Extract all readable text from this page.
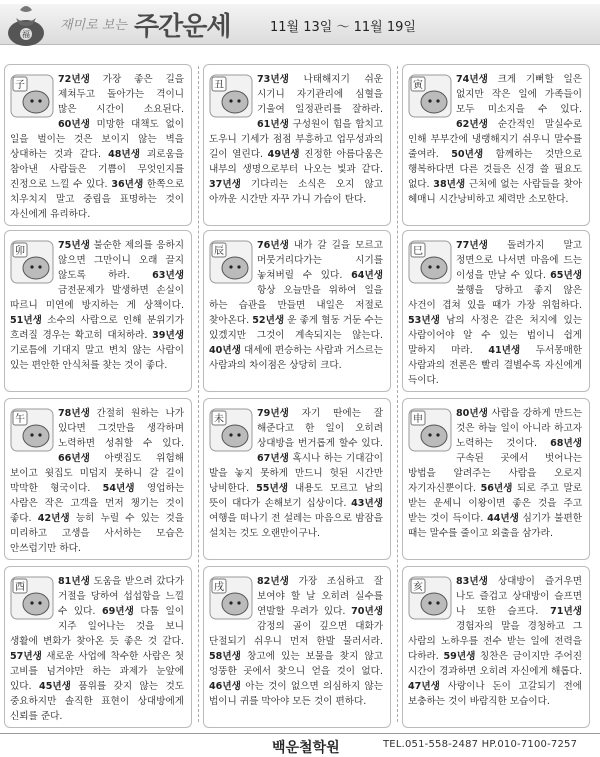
福
재미로 보는 주간운세	11월 13일 ～ 11월 19일
子
72년생 가장 좋은 길을 제쳐두고 돌아가는 격이니 많은 시간이 소요된다. 60년생 미망한 대책도 없이 일을 벌이는 것은 보이지 않는 벽을 상대하는 것과 같다. 48년생 괴로움을 참아낸 사람들은 기쁨이 무엇인지를 진정으로 느낄 수 있다. 36년생 한쪽으로 치우치지 말고 중립을 표명하는 것이 자신에게 유리하다.
丑
73년생 나태해지기 쉬운 시기니 자기관리에 심혈을 기울여 일정관리를 잘하라. 61년생 구성원이 힘을 합치고 도우니 기세가 점점 부흥하고 업무성과의 길이 열린다. 49년생 진정한 아름다움은 내부의 생명으로부터 나오는 빛과 같다. 37년생 기다리는 소식은 오지 않고 아까운 시간만 자꾸 가니 가슴이 탄다.
寅
74년생 크게 기뻐할 일은 없지만 작은 일에 가족들이 모두 미소지을 수 있다. 62년생 순간적인 말실수로 인해 부부간에 냉랭해지기 쉬우니 말수를 줄여라. 50년생 함께하는 것만으로 행복하다면 다른 것들은 신경 쓸 필요도 없다. 38년생 근처에 없는 사람들을 찾아 헤매니 시간낭비하고 체력만 소모한다.
卯
75년생 불순한 제의를 응하지 않으면 그만이니 오래 끌지 않도록 하라. 63년생 금전문제가 발생하면 손실이 따르니 미연에 방지하는 게 상책이다. 51년생 소수의 사람으로 인해 분위기가 흐려질 경우는 확고히 대처하라. 39년생 기로틈에 기대지 말고 변치 않는 사람이 있는 편안한 안식처를 찾는 것이 좋다.
辰
76년생 내가 갈 길을 모르고 머뭇거리다가는 시기를 놓쳐버릴 수 있다. 64년생 항상 오늘만을 위하여 일을 하는 습관을 만들면 내일은 저절로 찾아온다. 52년생 운 좋게 협동 거둔 수는 있겠지만 그것이 계속되지는 않는다. 40년생 대세에 편승하는 사람과 거스르는 사람과의 차이점은 상당히 크다.
巳
77년생 돌려가지 말고 정면으로 나서면 마음에 드는 이성을 만날 수 있다. 65년생 불행을 당하고 좋지 않은 사건이 겹쳐 있을 때가 가장 위험하다. 53년생 남의 사정은 같은 처지에 있는 사람이어야 알 수 있는 법이니 쉽게 말하지 마라. 41년생 두서몽매한 사람과의 전론은 빨리 결별수록 자신에게 득이다.
午
78년생 간절히 원하는 나가 있다면 그것만을 생각하며 노력하면 성취할 수 있다. 66년생 아랫집도 위험해 보이고 윗집도 미덥지 못하니 갈 길이 막막한 형국이다. 54년생 영업하는 사람은 작은 고객을 먼저 챙기는 것이 좋다. 42년생 능히 누릴 수 있는 것을 미리하고 고생을 사서하는 모습은 안쓰럽기만 하다.
未
79년생 자기 딴에는 잘 해준다고 한 일이 오히려 상대방을 번거롭게 할수 있다. 67년생 혹시나 하는 기대감이 발을 놓지 못하게 만드니 헛된 시간만 낭비한다. 55년생 내용도 모르고 남의 뜻이 대다가 손해보기 십상이다. 43년생 여행을 떠나기 전 설레는 마음으로 밤잠을 설치는 것도 오랜만이구나.
申
80년생 사람을 강하게 만드는 것은 하늘 일이 아니라 하고자 노력하는 것이다. 68년생 구속된 곳에서 벗어나는 방법을 알려주는 사람을 오로지 자기자신뿐이다. 56년생 되로 주고 말로 받는 운세니 이왕이면 좋은 것을 주고 받는 것이 득이다. 44년생 심기가 불편한 때는 말수를 줄이고 외출을 삼가라.
酉
81년생 도움을 받으려 갔다가 거절을 당하여 섭섭함을 느낄 수 있다. 69년생 다툼 일이 지주 일어나는 것을 보니 생활에 변화가 찾아온 듯 좋은 것 같다. 57년생 새로운 사업에 착수한 사람은 첫 고비를 넘겨야만 하는 과제가 눈앞에 있다. 45년생 품위를 갖지 않는 것도 중요하지만 솔직한 표현이 상대방에게 신뢰를 준다.
戌
82년생 가장 조심하고 잘 보여야 할 날 오히려 실수를 연발할 우려가 있다. 70년생 감정의 골이 깊으면 대화가 단절되기 쉬우니 먼저 한발 물러서라. 58년생 창고에 있는 보물을 찾지 않고 엉뚱한 곳에서 찾으니 얻을 것이 없다. 46년생 아는 것이 없으면 의심하지 않는 법이니 귀를 막아야 모든 것이 편하다.
亥
83년생 상대방이 즐거우면 나도 즐겁고 상대방이 슬프면 나 또한 슬프다. 71년생 경험자의 말을 경청하고 그 사람의 노하우를 전수 받는 일에 전력을 다하라. 59년생 칭찬은 금이지만 주어진 시간이 경과하면 오히려 자신에게 해롭다. 47년생 사랑이나 돈이 고갈되기 전에 보충하는 것이 바람직한 모습이다.
백운철학원	TEL.051-558-2487 HP.010-7100-7257
